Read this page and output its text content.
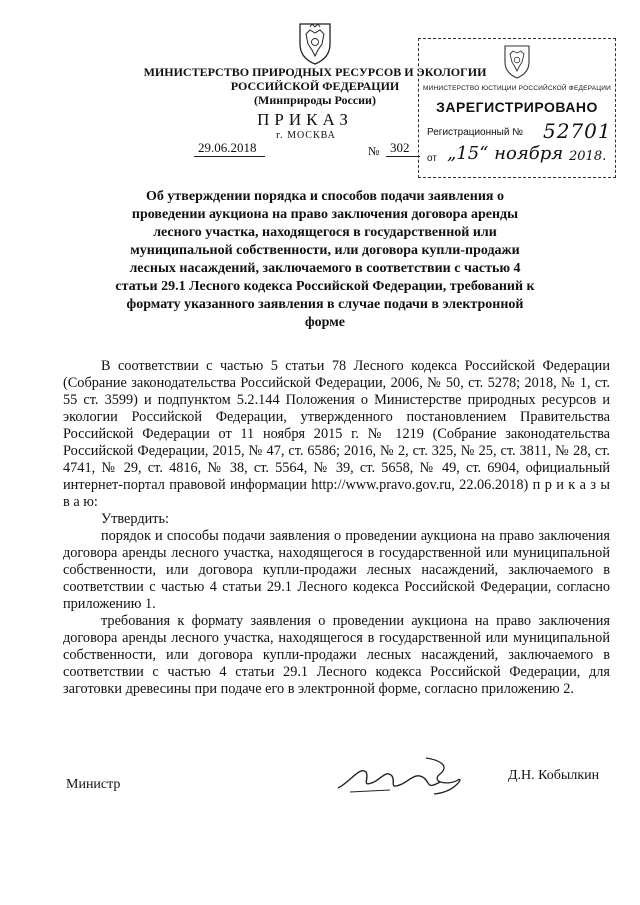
МИНИСТЕРСТВО ПРИРОДНЫХ РЕСУРСОВ И ЭКОЛОГИИ
РОССИЙСКОЙ ФЕДЕРАЦИИ
(Минприроды России)
ПРИКАЗ
г. МОСКВА
29.06.2018	№ 302
МИНИСТЕРСТВО ЮСТИЦИИ РОССИЙСКОЙ ФЕДЕРАЦИИ
ЗАРЕГИСТРИРОВАНО
Регистрационный № 52701
от „15“ ноября 2018.
Об утверждении порядка и способов подачи заявления о проведении аукциона на право заключения договора аренды лесного участка, находящегося в государственной или муниципальной собственности, или договора купли-продажи лесных насаждений, заключаемого в соответствии с частью 4 статьи 29.1 Лесного кодекса Российской Федерации, требований к формату указанного заявления в случае подачи в электронной форме

В соответствии с частью 5 статьи 78 Лесного кодекса Российской Федерации (Собрание законодательства Российской Федерации, 2006, № 50, ст. 5278; 2018, № 1, ст. 55 ст. 3599) и подпунктом 5.2.144 Положения о Министерстве природных ресурсов и экологии Российской Федерации, утвержденного постановлением Правительства Российской Федерации от 11 ноября 2015 г. № 1219 (Собрание законодательства Российской Федерации, 2015, № 47, ст. 6586; 2016, № 2, ст. 325, № 25, ст. 3811, № 28, ст. 4741, № 29, ст. 4816, № 38, ст. 5564, № 39, ст. 5658, № 49, ст. 6904, официальный интернет-портал правовой информации http://www.pravo.gov.ru, 22.06.2018) п р и к а з ы в а ю:

Утвердить:

порядок и способы подачи заявления о проведении аукциона на право заключения договора аренды лесного участка, находящегося в государственной или муниципальной собственности, или договора купли-продажи лесных насаждений, заключаемого в соответствии с частью 4 статьи 29.1 Лесного кодекса Российской Федерации, согласно приложению 1.

требования к формату заявления о проведении аукциона на право заключения договора аренды лесного участка, находящегося в государственной или муниципальной собственности, или договора купли-продажи лесных насаждений, заключаемого в соответствии с частью 4 статьи 29.1 Лесного кодекса Российской Федерации, для заготовки древесины при подаче его в электронной форме, согласно приложению 2.

Министр
Д.Н. Кобылкин
